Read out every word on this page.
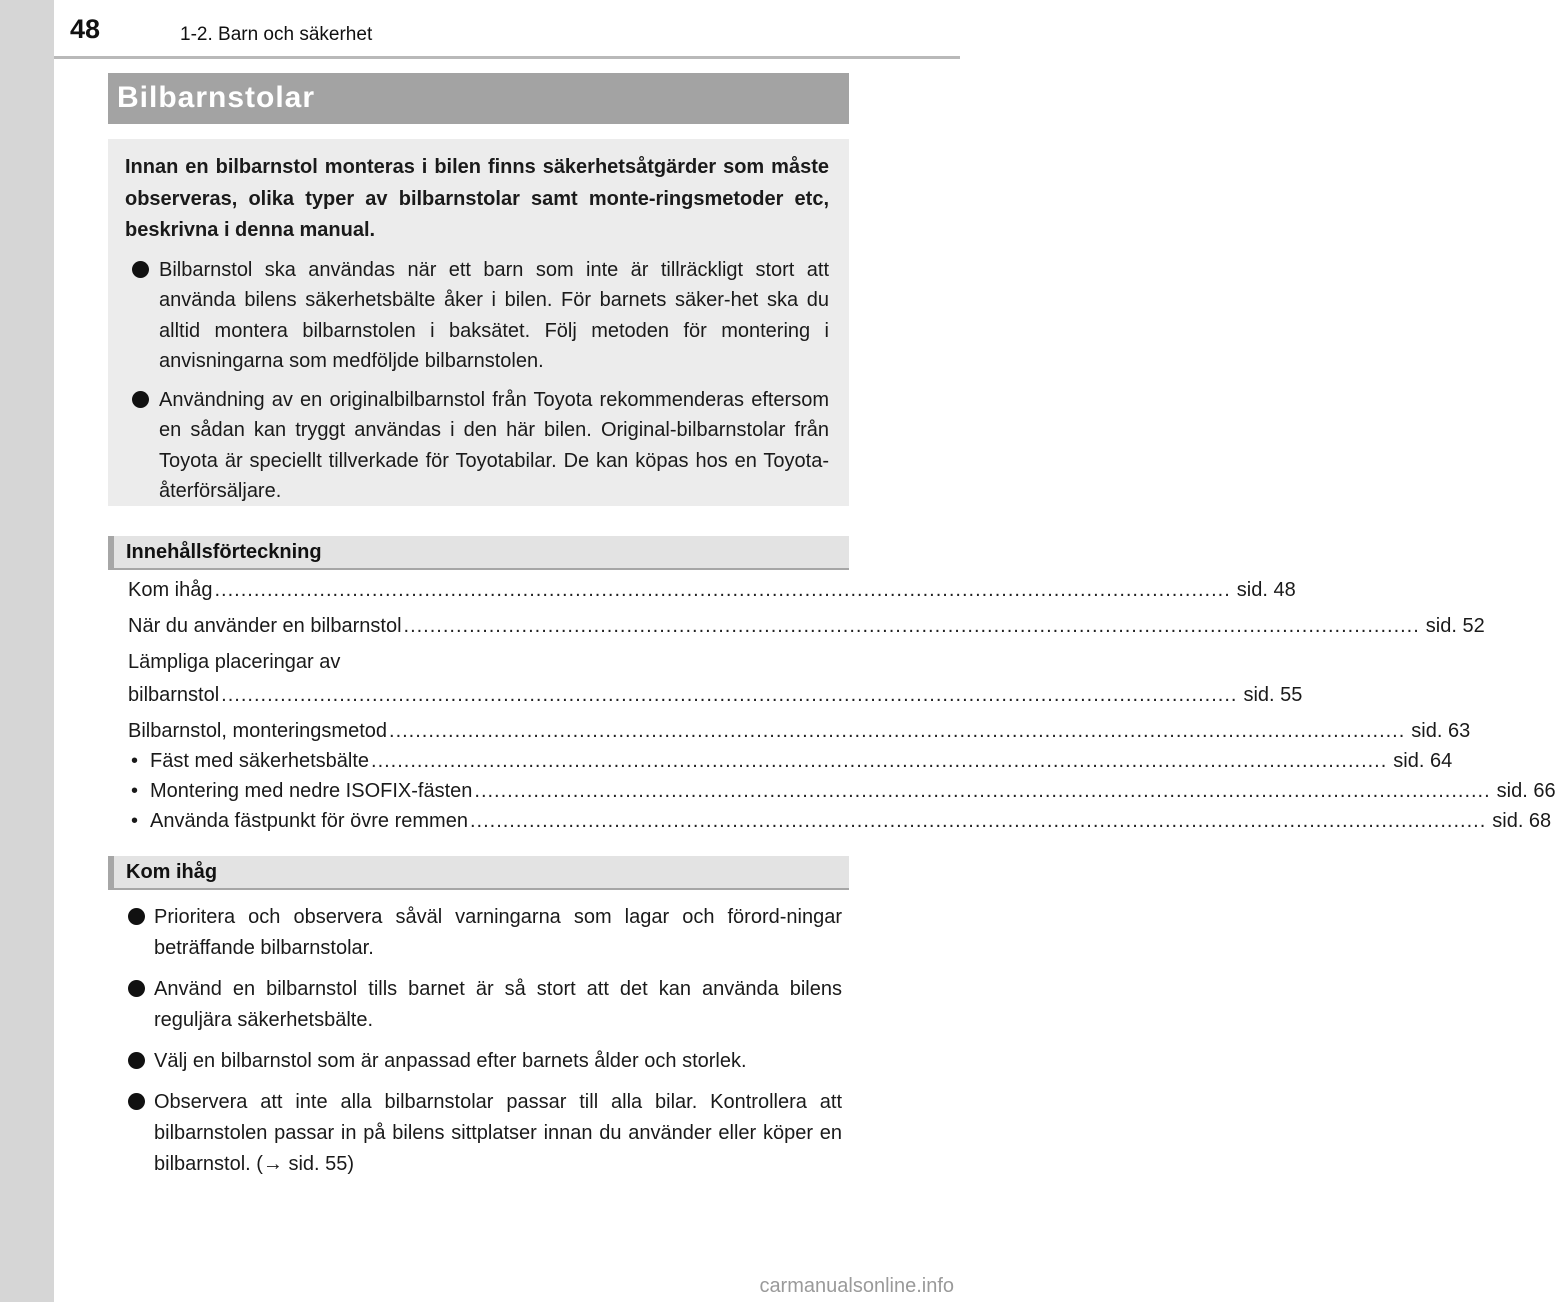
48	1-2. Barn och säkerhet
Bilbarnstolar

Innan en bilbarnstol monteras i bilen finns säkerhetsåtgärder som måste observeras, olika typer av bilbarnstolar samt monte-ringsmetoder etc, beskrivna i denna manual.

Bilbarnstol ska användas när ett barn som inte är tillräckligt stort att använda bilens säkerhetsbälte åker i bilen. För barnets säker-het ska du alltid montera bilbarnstolen i baksätet. Följ metoden för montering i anvisningarna som medföljde bilbarnstolen.
Användning av en originalbilbarnstol från Toyota rekommenderas eftersom en sådan kan tryggt användas i den här bilen. Original-bilbarnstolar från Toyota är speciellt tillverkade för Toyotabilar. De kan köpas hos en Toyota-återförsäljare.
Innehållsförteckning
Kom ihåg ........................................................................................................................................................... sid. 48
När du använder en bilbarnstol ........................................................................................................................................................... sid. 52
Lämpliga placeringar av
bilbarnstol ........................................................................................................................................................... sid. 55
Bilbarnstol, monteringsmetod ........................................................................................................................................................... sid. 63
• Fäst med säkerhetsbälte ........................................................................................................................................................... sid. 64
• Montering med nedre ISOFIX-fästen ........................................................................................................................................................... sid. 66
• Använda fästpunkt för övre remmen ........................................................................................................................................................... sid. 68
Kom ihåg
Prioritera och observera såväl varningarna som lagar och förord-ningar beträffande bilbarnstolar.
Använd en bilbarnstol tills barnet är så stort att det kan använda bilens reguljära säkerhetsbälte.
Välj en bilbarnstol som är anpassad efter barnets ålder och storlek.
Observera att inte alla bilbarnstolar passar till alla bilar. Kontrollera att bilbarnstolen passar in på bilens sittplatser innan du använder eller köper en bilbarnstol. (→ sid. 55)
carmanualsonline.info
